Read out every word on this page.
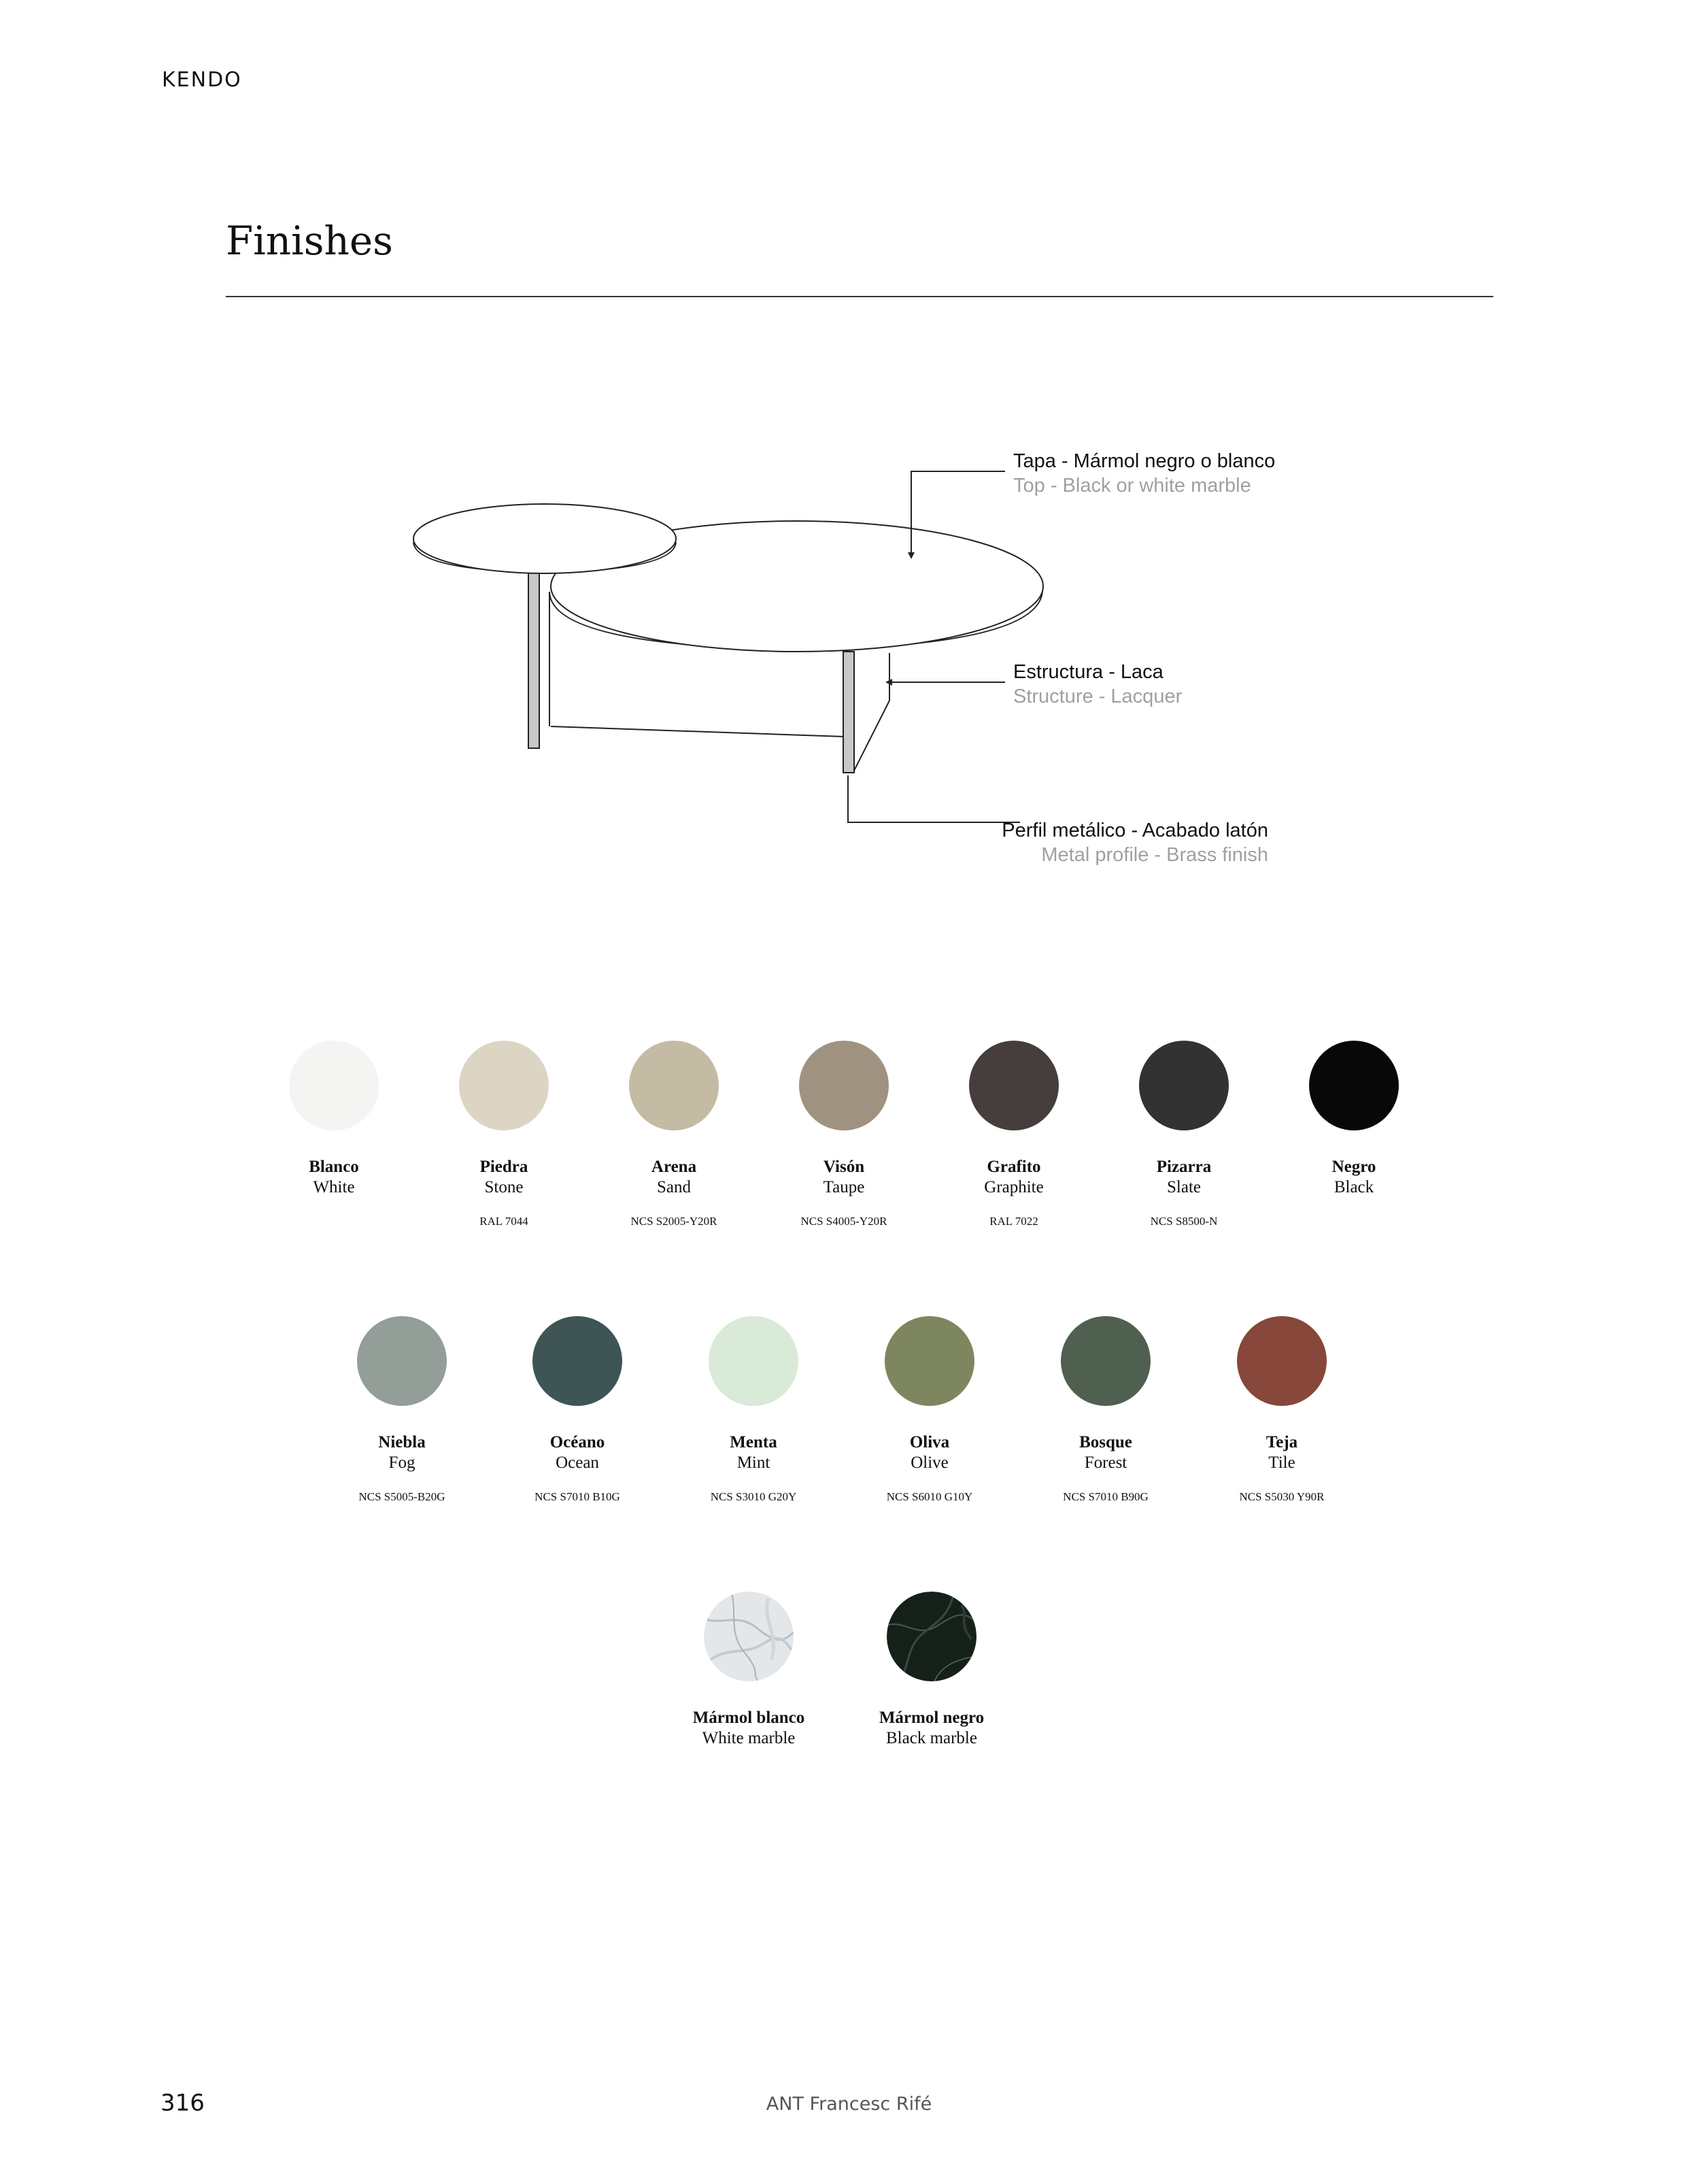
KENDO
Finishes
Tapa - Mármol negro o blanco
Top - Black or white marble
Estructura - Laca
Structure - Lacquer
Perfil metálico - Acabado latón
Metal profile - Brass finish
Blanco
White
Piedra
Stone
RAL 7044
Arena
Sand
NCS S2005-Y20R
Visón
Taupe
NCS S4005-Y20R
Grafito
Graphite
RAL 7022
Pizarra
Slate
NCS S8500-N
Negro
Black
Niebla
Fog
NCS S5005-B20G
Océano
Ocean
NCS S7010 B10G
Menta
Mint
NCS S3010 G20Y
Oliva
Olive
NCS S6010 G10Y
Bosque
Forest
NCS S7010 B90G
Teja
Tile
NCS S5030 Y90R
Mármol blanco
White marble
Mármol negro
Black marble
316	ANT Francesc Rifé
